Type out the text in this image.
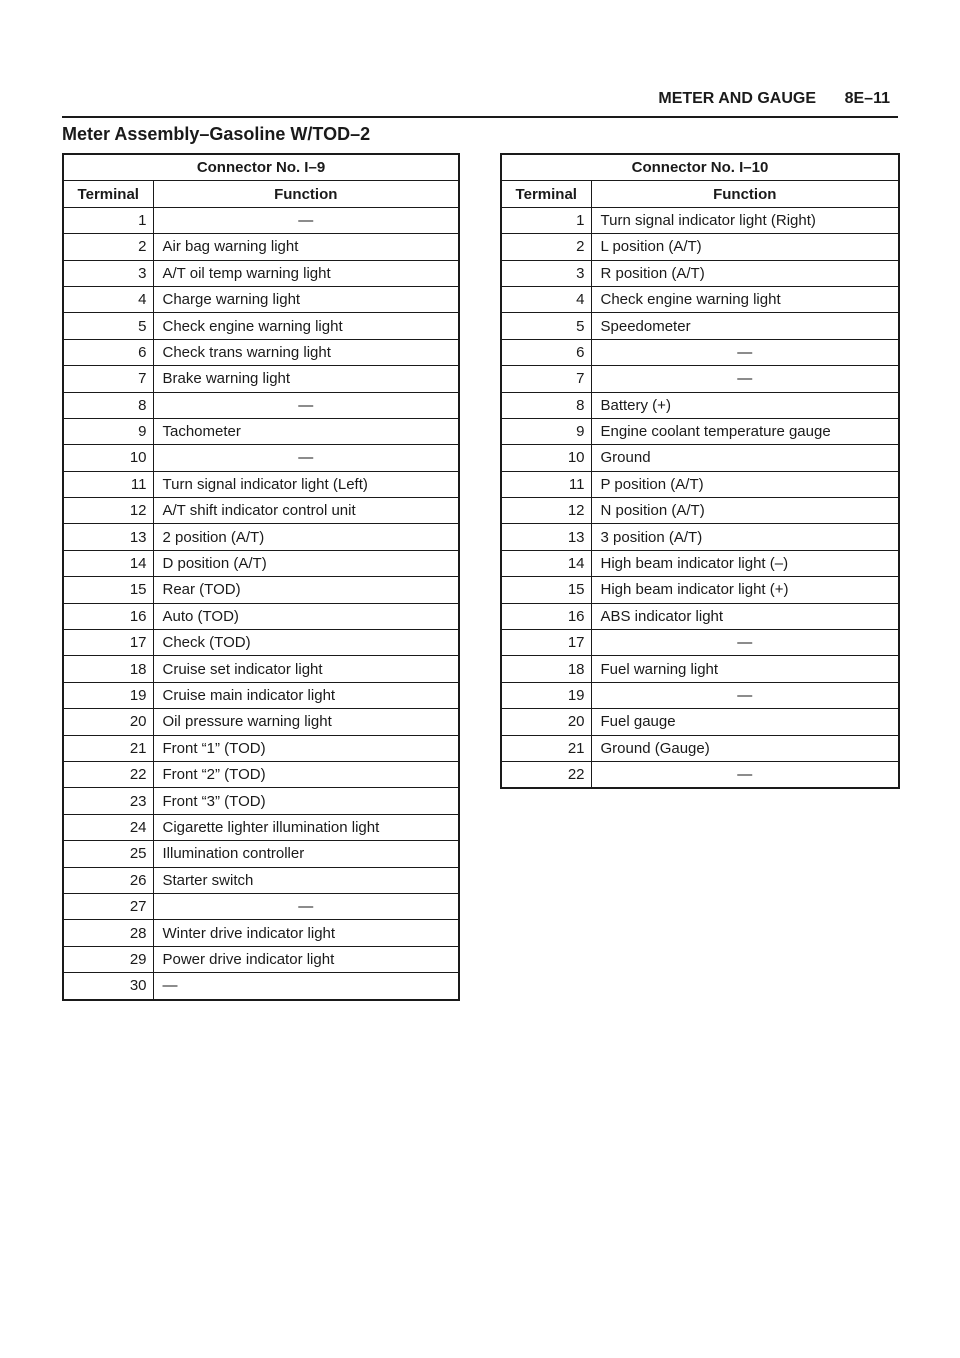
METER AND GAUGE 8E–11
Meter Assembly–Gasoline W/TOD–2
Connector No. I–9	
Terminal	Function
1	—
2	Air bag warning light
3	A/T oil temp warning light
4	Charge warning light
5	Check engine warning light
6	Check trans warning light
7	Brake warning light
8	—
9	Tachometer
10	—
11	Turn signal indicator light (Left)
12	A/T shift indicator control unit
13	2 position (A/T)
14	D position (A/T)
15	Rear (TOD)
16	Auto (TOD)
17	Check (TOD)
18	Cruise set indicator light
19	Cruise main indicator light
20	Oil pressure warning light
21	Front “1” (TOD)
22	Front “2” (TOD)
23	Front “3” (TOD)
24	Cigarette lighter illumination light
25	Illumination controller
26	Starter switch
27	—
28	Winter drive indicator light
29	Power drive indicator light
30	—
Connector No. I–10	
Terminal	Function
1	Turn signal indicator light (Right)
2	L position (A/T)
3	R position (A/T)
4	Check engine warning light
5	Speedometer
6	—
7	—
8	Battery (+)
9	Engine coolant temperature gauge
10	Ground
11	P position (A/T)
12	N position (A/T)
13	3 position (A/T)
14	High beam indicator light (–)
15	High beam indicator light (+)
16	ABS indicator light
17	—
18	Fuel warning light
19	—
20	Fuel gauge
21	Ground (Gauge)
22	—
